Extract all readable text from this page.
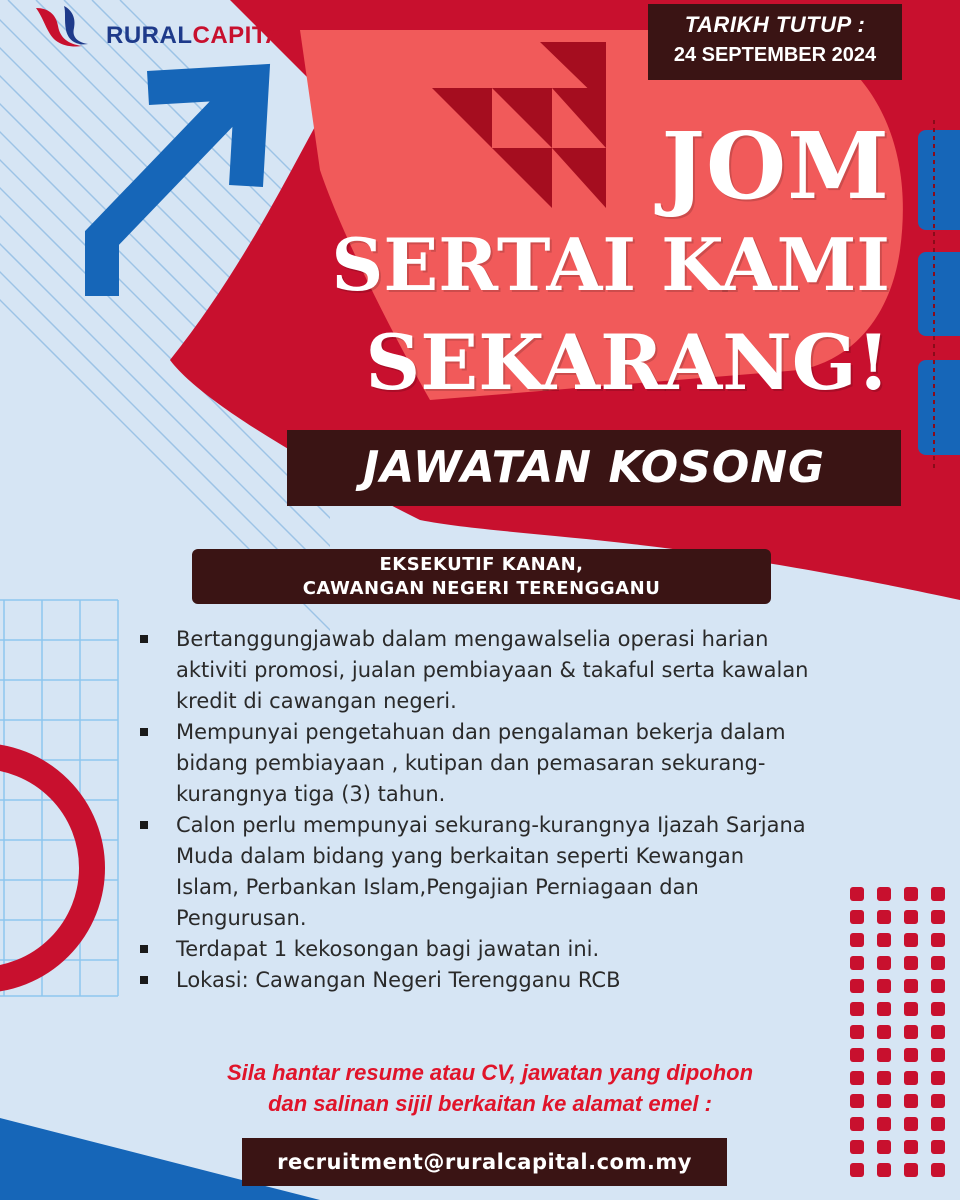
RURALCAPITAL	TARIKH TUTUP :
24 SEPTEMBER 2024
JOM
SERTAI KAMI
SEKARANG!
JAWATAN KOSONG
EKSEKUTIF KANAN,
CAWANGAN NEGERI TERENGGANU
Bertanggungjawab dalam mengawalselia operasi harian
aktiviti promosi, jualan pembiayaan & takaful serta kawalan
kredit di cawangan negeri.
Mempunyai pengetahuan dan pengalaman bekerja dalam
bidang pembiayaan , kutipan dan pemasaran sekurang-
kurangnya tiga (3) tahun.
Calon perlu mempunyai sekurang-kurangnya Ijazah Sarjana
Muda dalam bidang yang berkaitan seperti Kewangan
Islam, Perbankan Islam,Pengajian Perniagaan dan
Pengurusan.
Terdapat 1 kekosongan bagi jawatan ini.
Lokasi: Cawangan Negeri Terengganu RCB
Sila hantar resume atau CV, jawatan yang dipohon
dan salinan sijil berkaitan ke alamat emel :
recruitment@ruralcapital.com.my
